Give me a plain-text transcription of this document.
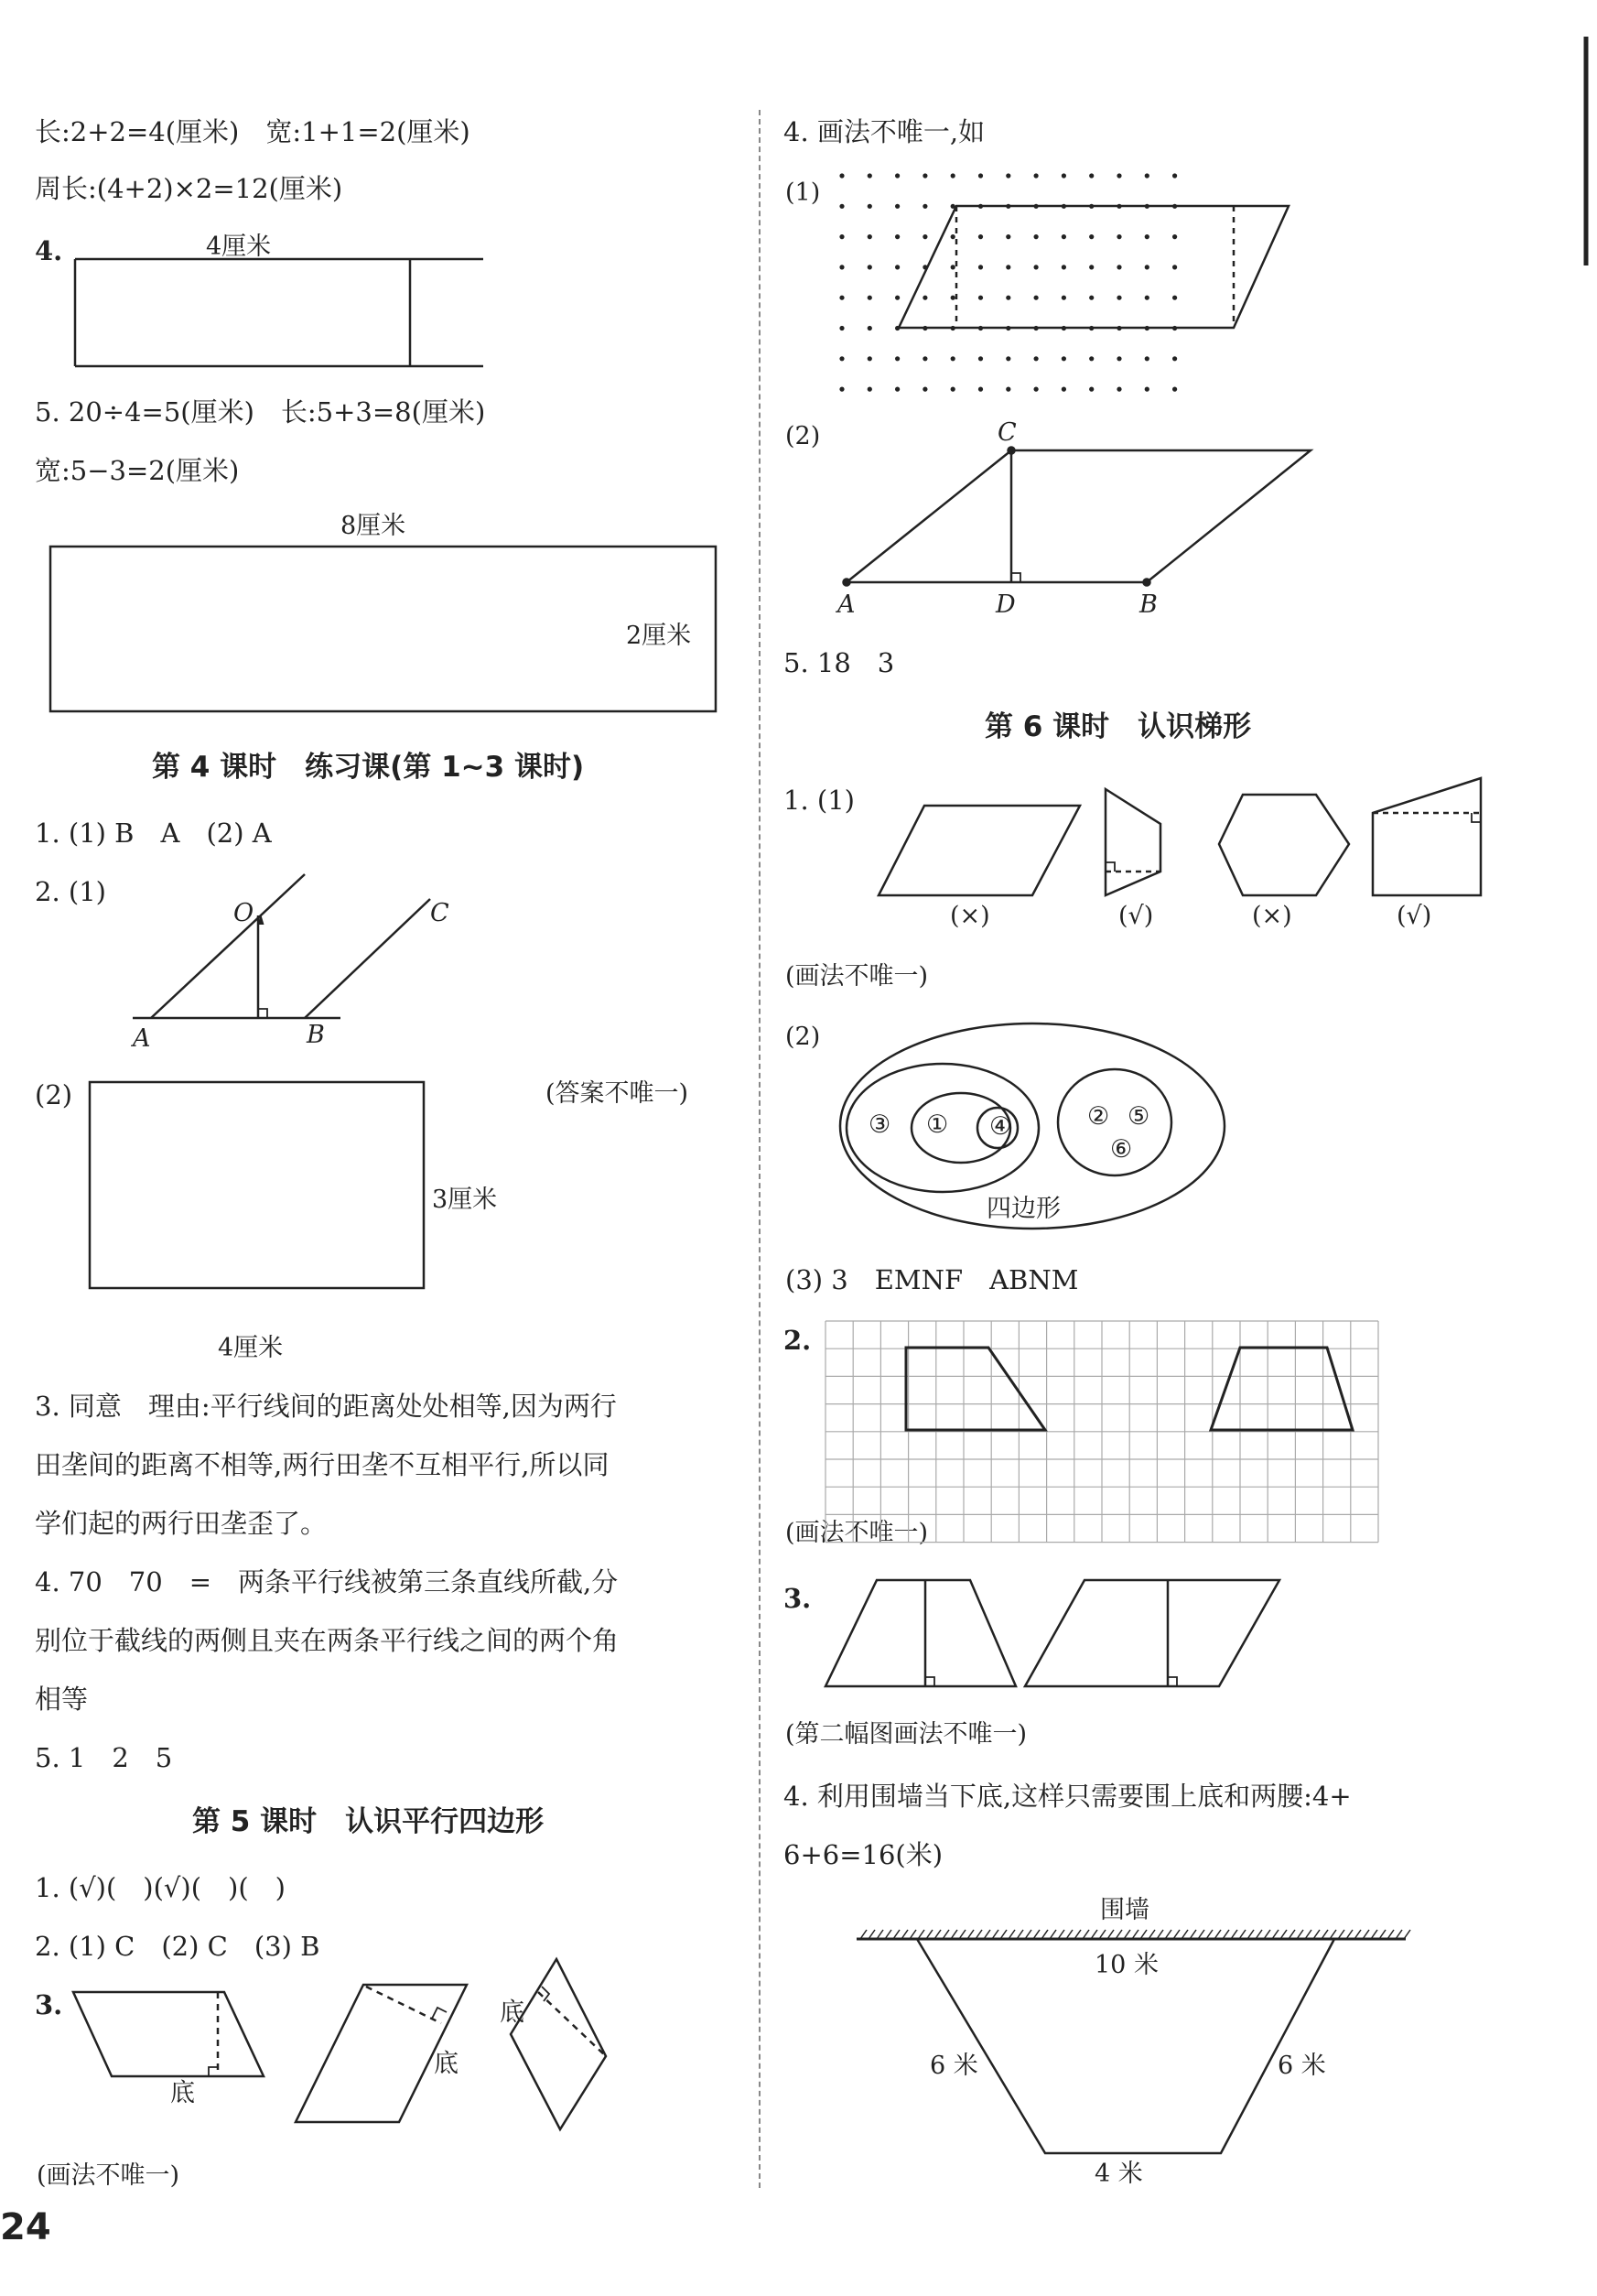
长:2+2=4(厘米)　宽:1+1=2(厘米)
周长:(4+2)×2=12(厘米)
4.	4厘米
5. 20÷4=5(厘米)　长:5+3=8(厘米)
宽:5−3=2(厘米)
8厘米
2厘米
第 4 课时　练习课(第 1~3 课时)
1. (1) B　A　(2) A
2. (1)
O	C
A	B
(2)	(答案不唯一)
3厘米
4厘米
3. 同意　理由:平行线间的距离处处相等,因为两行
田垄间的距离不相等,两行田垄不互相平行,所以同
学们起的两行田垄歪了。
4. 70　70　=　两条平行线被第三条直线所截,分
别位于截线的两侧且夹在两条平行线之间的两个角
相等
5. 1　2　5
第 5 课时　认识平行四边形
1. (√)(　)(√)(　)(　)
2. (1) C　(2) C　(3) B
3.
底
底
底
(画法不唯一)
4. 画法不唯一,如
(1)
(2)	C
A	D	B
5. 18　3
第 6 课时　认识梯形
1. (1)
(×)	(√)	(×)	(√)
(画法不唯一)
(2)
③ ① ④	② ⑤
⑥
四边形
(3) 3　EMNF　ABNM
2.
(画法不唯一)
3.
(第二幅图画法不唯一)
4. 利用围墙当下底,这样只需要围上底和两腰:4+
6+6=16(米)
围墙
10 米
6 米	6 米
4 米
24
